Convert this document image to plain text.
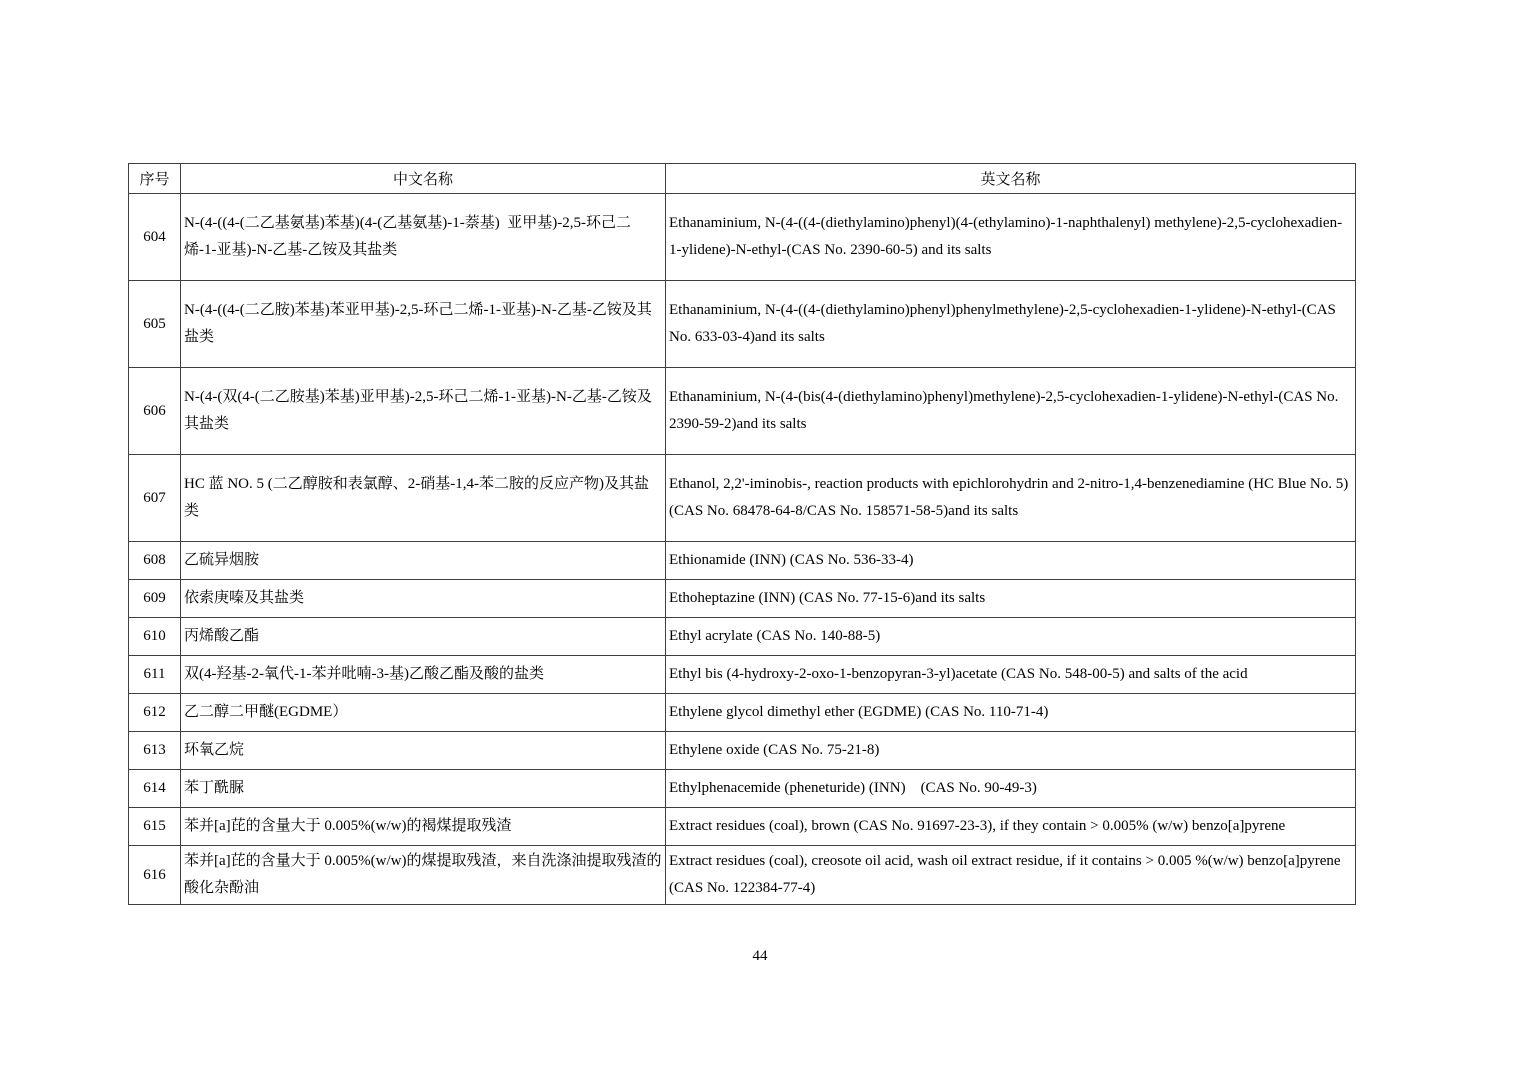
序号	中文名称	英文名称
604	N-(4-((4-(二乙基氨基)苯基)(4-(乙基氨基)-1-萘基)  亚甲基)-2,5-环己二烯-1-亚基)-N-乙基-乙铵及其盐类	Ethanaminium, N-(4-((4-(diethylamino)phenyl)(4-(ethylamino)-1-naphthalenyl) methylene)-2,5-cyclohexadien-1-ylidene)-N-ethyl-(CAS No. 2390-60-5) and its salts
605	N-(4-((4-(二乙胺)苯基)苯亚甲基)-2,5-环己二烯-1-亚基)-N-乙基-乙铵及其盐类	Ethanaminium, N-(4-((4-(diethylamino)phenyl)phenylmethylene)-2,5-cyclohexadien-1-ylidene)-N-ethyl-(CAS No. 633-03-4)and its salts
606	N-(4-(双(4-(二乙胺基)苯基)亚甲基)-2,5-环己二烯-1-亚基)-N-乙基-乙铵及其盐类	Ethanaminium, N-(4-(bis(4-(diethylamino)phenyl)methylene)-2,5-cyclohexadien-1-ylidene)-N-ethyl-(CAS No. 2390-59-2)and its salts
607	HC 蓝 NO. 5 (二乙醇胺和表氯醇、2-硝基-1,4-苯二胺的反应产物)及其盐类	Ethanol, 2,2'-iminobis-, reaction products with epichlorohydrin and 2-nitro-1,4-benzenediamine (HC Blue No. 5) (CAS No. 68478-64-8/CAS No. 158571-58-5)and its salts
608	乙硫异烟胺	Ethionamide (INN) (CAS No. 536-33-4)
609	依索庚嗪及其盐类	Ethoheptazine (INN) (CAS No. 77-15-6)and its salts
610	丙烯酸乙酯	Ethyl acrylate (CAS No. 140-88-5)
611	双(4-羟基-2-氧代-1-苯并吡喃-3-基)乙酸乙酯及酸的盐类	Ethyl bis (4-hydroxy-2-oxo-1-benzopyran-3-yl)acetate (CAS No. 548-00-5) and salts of the acid
612	乙二醇二甲醚(EGDME）	Ethylene glycol dimethyl ether (EGDME) (CAS No. 110-71-4)
613	环氧乙烷	Ethylene oxide (CAS No. 75-21-8)
614	苯丁酰脲	Ethylphenacemide (pheneturide) (INN)    (CAS No. 90-49-3)
615	苯并[a]芘的含量大于 0.005%(w/w)的褐煤提取残渣	Extract residues (coal), brown (CAS No. 91697-23-3), if they contain > 0.005% (w/w) benzo[a]pyrene
616	苯并[a]芘的含量大于 0.005%(w/w)的煤提取残渣，来自洗涤油提取残渣的酸化杂酚油	Extract residues (coal), creosote oil acid, wash oil extract residue, if it contains > 0.005 %(w/w) benzo[a]pyrene (CAS No. 122384-77-4)
44
